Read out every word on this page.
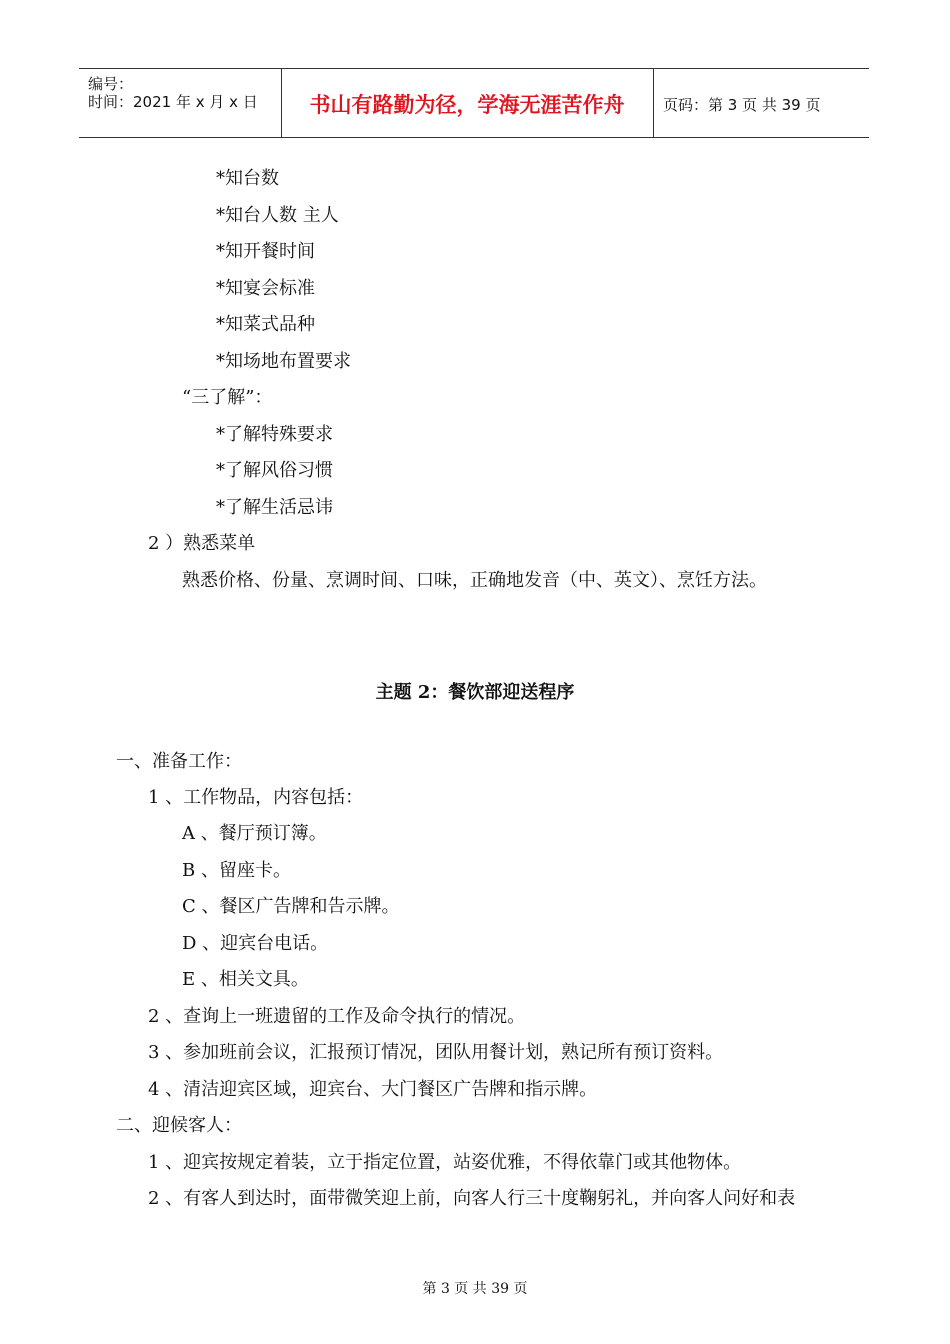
编号：
时间：2021 年 x 月 x 日	书山有路勤为径，学海无涯苦作舟	页码：第 3 页 共 39 页
*知台数
*知台人数 主人
*知开餐时间
*知宴会标准
*知菜式品种
*知场地布置要求
“三了解”：
*了解特殊要求
*了解风俗习惯
*了解生活忌讳
2 ）熟悉菜单
熟悉价格、份量、烹调时间、口味，正确地发音（中、英文）、烹饪方法。
主题 2：餐饮部迎送程序
一、准备工作：
1 、工作物品，内容包括：
A 、餐厅预订簿。
B 、留座卡。
C 、餐区广告牌和告示牌。
D 、迎宾台电话。
E 、相关文具。
2 、查询上一班遗留的工作及命令执行的情况。
3 、参加班前会议，汇报预订情况，团队用餐计划，熟记所有预订资料。
4 、清洁迎宾区域，迎宾台、大门餐区广告牌和指示牌。
二、迎候客人：
1 、迎宾按规定着装，立于指定位置，站姿优雅，不得依靠门或其他物体。
2 、有客人到达时，面带微笑迎上前，向客人行三十度鞠躬礼，并向客人问好和表
第 3 页 共 39 页
